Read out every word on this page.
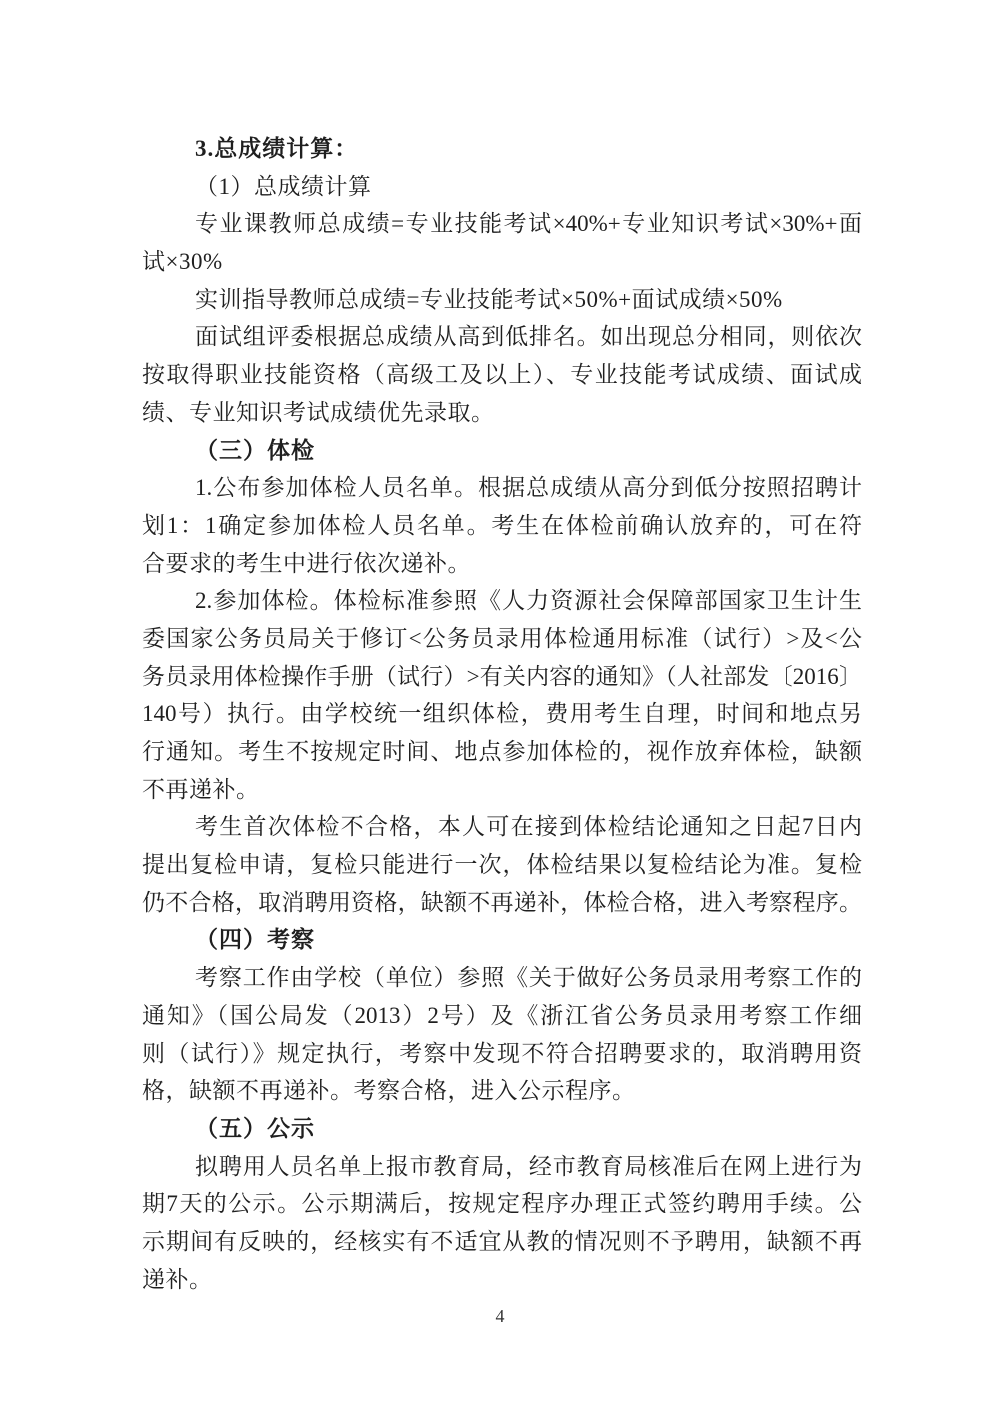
3.总成绩计算：
（1）总成绩计算
专业课教师总成绩=专业技能考试×40%+专业知识考试×30%+面
试×30%
实训指导教师总成绩=专业技能考试×50%+面试成绩×50%
面试组评委根据总成绩从高到低排名。如出现总分相同，则依次
按取得职业技能资格（高级工及以上）、专业技能考试成绩、面试成
绩、专业知识考试成绩优先录取。
（三）体检
1.公布参加体检人员名单。根据总成绩从高分到低分按照招聘计
划1：1确定参加体检人员名单。考生在体检前确认放弃的，可在符
合要求的考生中进行依次递补。
2.参加体检。体检标准参照《人力资源社会保障部国家卫生计生
委国家公务员局关于修订<公务员录用体检通用标准（试行）>及<公
务员录用体检操作手册（试行）>有关内容的通知》（人社部发〔2016〕
140号）执行。由学校统一组织体检，费用考生自理，时间和地点另
行通知。考生不按规定时间、地点参加体检的，视作放弃体检，缺额
不再递补。
考生首次体检不合格，本人可在接到体检结论通知之日起7日内
提出复检申请，复检只能进行一次，体检结果以复检结论为准。复检
仍不合格，取消聘用资格，缺额不再递补，体检合格，进入考察程序。
（四）考察
考察工作由学校（单位）参照《关于做好公务员录用考察工作的
通知》（国公局发（2013）2号）及《浙江省公务员录用考察工作细
则（试行）》规定执行，考察中发现不符合招聘要求的，取消聘用资
格，缺额不再递补。考察合格，进入公示程序。
（五）公示
拟聘用人员名单上报市教育局，经市教育局核准后在网上进行为
期7天的公示。公示期满后，按规定程序办理正式签约聘用手续。公
示期间有反映的，经核实有不适宜从教的情况则不予聘用，缺额不再
递补。
4
